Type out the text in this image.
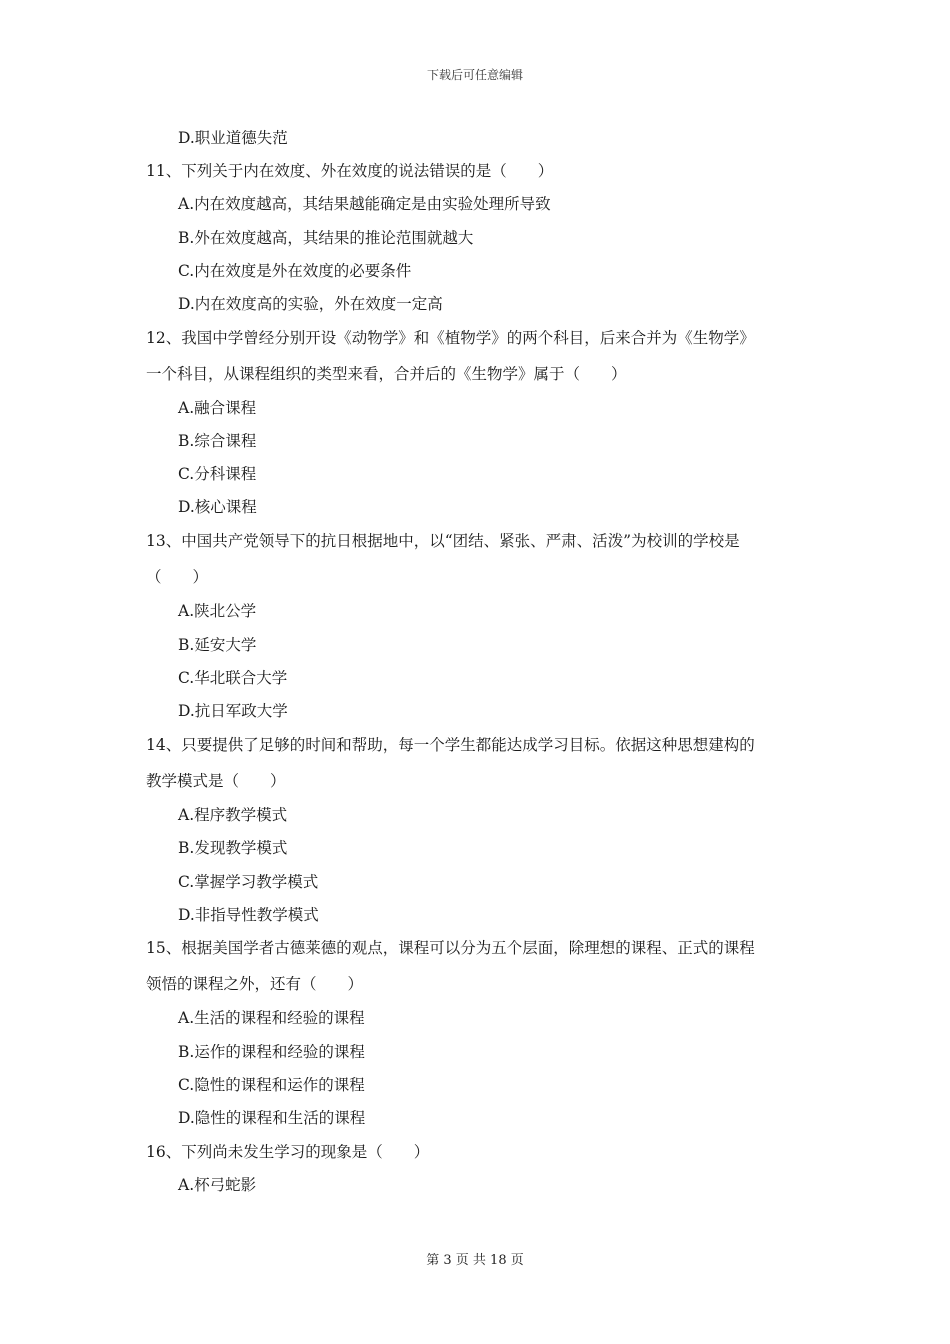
下载后可任意编辑
D.职业道德失范
11、下列关于内在效度、外在效度的说法错误的是（　　）
A.内在效度越高，其结果越能确定是由实验处理所导致
B.外在效度越高，其结果的推论范围就越大
C.内在效度是外在效度的必要条件
D.内在效度高的实验，外在效度一定高
12、我国中学曾经分别开设《动物学》和《植物学》的两个科目，后来合并为《生物学》
一个科目，从课程组织的类型来看，合并后的《生物学》属于（　　）
A.融合课程
B.综合课程
C.分科课程
D.核心课程
13、中国共产党领导下的抗日根据地中，以“团结、紧张、严肃、活泼”为校训的学校是
（　　）
A.陕北公学
B.延安大学
C.华北联合大学
D.抗日军政大学
14、只要提供了足够的时间和帮助，每一个学生都能达成学习目标。依据这种思想建构的
教学模式是（　　）
A.程序教学模式
B.发现教学模式
C.掌握学习教学模式
D.非指导性教学模式
15、根据美国学者古德莱德的观点，课程可以分为五个层面，除理想的课程、正式的课程
领悟的课程之外，还有（　　）
A.生活的课程和经验的课程
B.运作的课程和经验的课程
C.隐性的课程和运作的课程
D.隐性的课程和生活的课程
16、下列尚未发生学习的现象是（　　）
A.杯弓蛇影
第 3 页 共 18 页
